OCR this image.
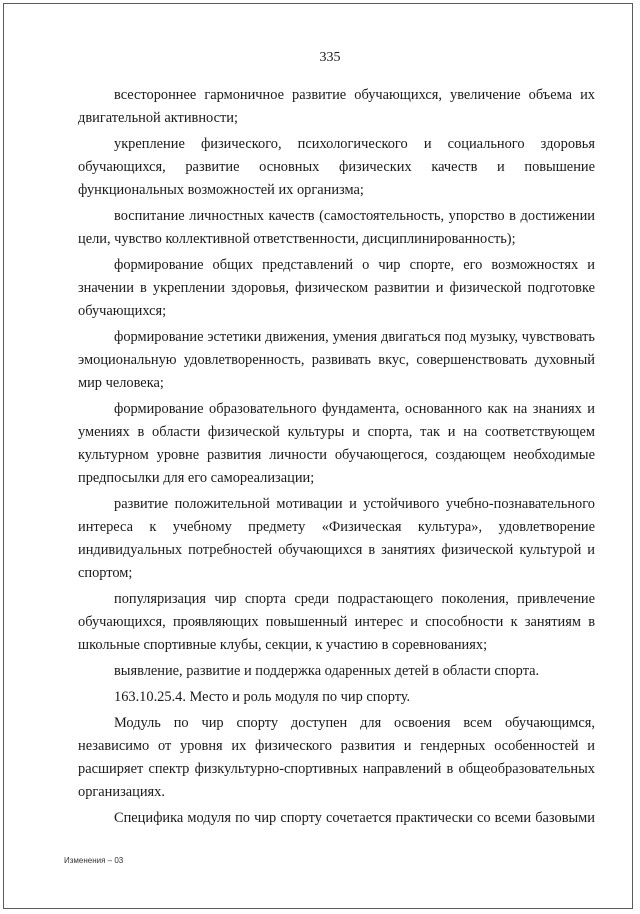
335

всестороннее гармоничное развитие обучающихся, увеличение объема их двигательной активности;

укрепление физического, психологического и социального здоровья обучающихся, развитие основных физических качеств и повышение функциональных возможностей их организма;

воспитание личностных качеств (самостоятельность, упорство в достижении цели, чувство коллективной ответственности, дисциплинированность);

формирование общих представлений о чир спорте, его возможностях и значении в укреплении здоровья, физическом развитии и физической подготовке обучающихся;

формирование эстетики движения, умения двигаться под музыку, чувствовать эмоциональную удовлетворенность, развивать вкус, совершенствовать духовный мир человека;

формирование образовательного фундамента, основанного как на знаниях и умениях в области физической культуры и спорта, так и на соответствующем культурном уровне развития личности обучающегося, создающем необходимые предпосылки для его самореализации;

развитие положительной мотивации и устойчивого учебно-познавательного интереса к учебному предмету «Физическая культура», удовлетворение индивидуальных потребностей обучающихся в занятиях физической культурой и спортом;

популяризация чир спорта среди подрастающего поколения, привлечение обучающихся, проявляющих повышенный интерес и способности к занятиям в школьные спортивные клубы, секции, к участию в соревнованиях;

выявление, развитие и поддержка одаренных детей в области спорта.

163.10.25.4. Место и роль модуля по чир спорту.

Модуль по чир спорту доступен для освоения всем обучающимся, независимо от уровня их физического развития и гендерных особенностей и расширяет спектр физкультурно-спортивных направлений в общеобразовательных организациях.

Специфика модуля по чир спорту сочетается практически со всеми базовыми

Изменения – 03
